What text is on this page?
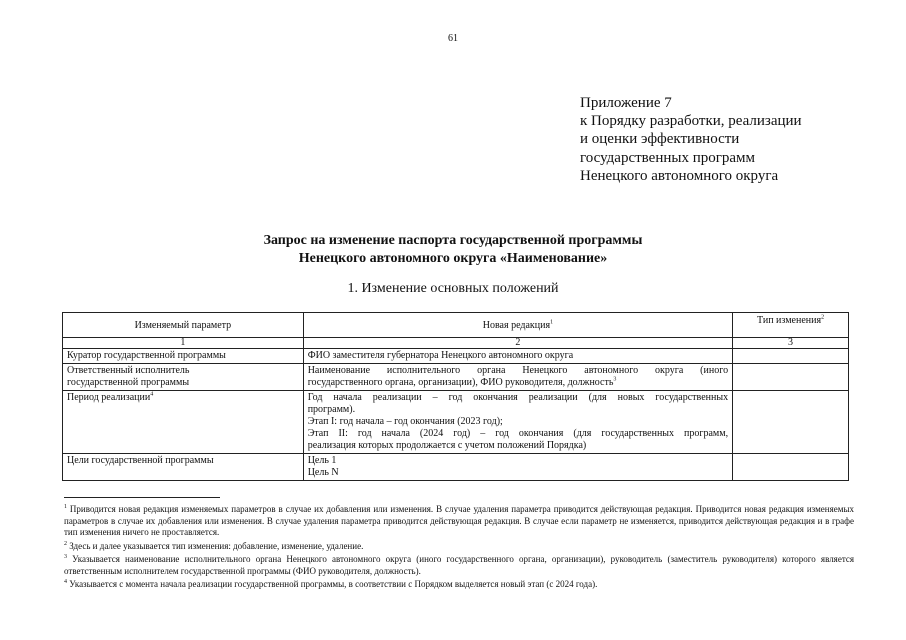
61
Приложение 7
к Порядку разработки, реализации
и оценки эффективности
государственных программ
Ненецкого автономного округа
Запрос на изменение паспорта государственной программы
Ненецкого автономного округа «Наименование»
1. Изменение основных положений
Изменяемый параметр	Новая редакция$^1$	Тип изменения$^2$
1	2	3
Куратор государственной программы	ФИО заместителя губернатора Ненецкого автономного округа	

Ответственный исполнитель
государственной программы	Наименование исполнительного органа Ненецкого автономного округа (иного
государственного органа, организации), ФИО руководителя, должность$^3$	
Период реализации$^4$	Год начала реализации – год окончания реализации (для новых государственных
программ).
Этап I: год начала – год окончания (2023 год);
Этап II: год начала (2024 год) – год окончания (для государственных программ,
реализация которых продолжается с учетом положений Порядка)	

Цели государственной программы	Цель 1
Цель N	

$^1$ Приводится новая редакция изменяемых параметров в случае их добавления или изменения. В случае удаления параметра приводится действующая редакция. Приводится новая редакция изменяемых параметров в случае их добавления или изменения. В случае удаления параметра приводится действующая редакция. В случае если параметр не изменяется, приводится действующая редакция и в графе тип изменения ничего не проставляется.

$^2$ Здесь и далее указывается тип изменения: добавление, изменение, удаление.

$^3$ Указывается наименование исполнительного органа Ненецкого автономного округа (иного государственного органа, организации), руководитель (заместитель руководителя) которого является ответственным исполнителем государственной программы (ФИО руководителя, должность).

$^4$ Указывается с момента начала реализации государственной программы, в соответствии с Порядком выделяется новый этап (с 2024 года).
